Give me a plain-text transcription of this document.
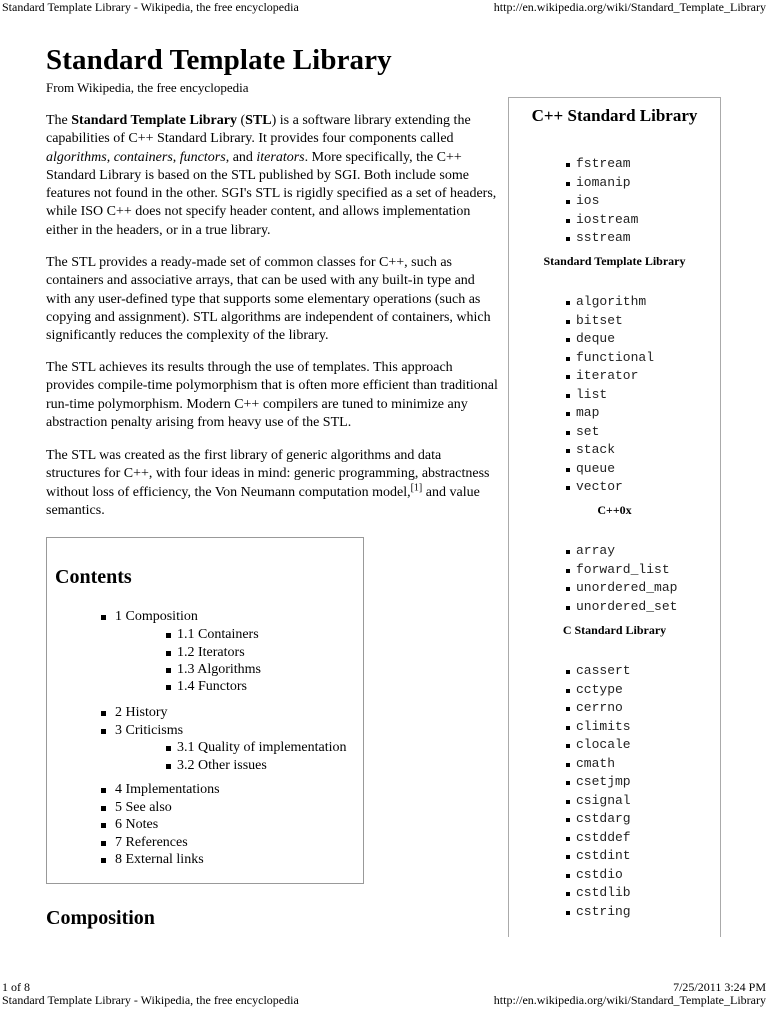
Standard Template Library - Wikipedia, the free encyclopedia	http://en.wikipedia.org/wiki/Standard_Template_Library
Standard Template Library
From Wikipedia, the free encyclopedia

The Standard Template Library (STL) is a software library extending the capabilities of C++ Standard Library. It provides four components called algorithms, containers, functors, and iterators. More specifically, the C++ Standard Library is based on the STL published by SGI. Both include some features not found in the other. SGI's STL is rigidly specified as a set of headers, while ISO C++ does not specify header content, and allows implementation either in the headers, or in a true library.

The STL provides a ready-made set of common classes for C++, such as containers and associative arrays, that can be used with any built-in type and with any user-defined type that supports some elementary operations (such as copying and assignment). STL algorithms are independent of containers, which significantly reduces the complexity of the library.

The STL achieves its results through the use of templates. This approach provides compile-time polymorphism that is often more efficient than traditional run-time polymorphism. Modern C++ compilers are tuned to minimize any abstraction penalty arising from heavy use of the STL.

The STL was created as the first library of generic algorithms and data structures for C++, with four ideas in mind: generic programming, abstractness without loss of efficiency, the Von Neumann computation model,[1] and value semantics.

Contents
1 Composition
1.1 Containers
1.2 Iterators
1.3 Algorithms
1.4 Functors
2 History
3 Criticisms
3.1 Quality of implementation
3.2 Other issues
4 Implementations
5 See also
6 Notes
7 References
8 External links
Composition
C++ Standard Library
fstream
iomanip
ios
iostream
sstream
Standard Template Library
algorithm
bitset
deque
functional
iterator
list
map
set
stack
queue
vector
C++0x
array
forward_list
unordered_map
unordered_set
C Standard Library
cassert
cctype
cerrno
climits
clocale
cmath
csetjmp
csignal
cstdarg
cstddef
cstdint
cstdio
cstdlib
cstring
1 of 8	7/25/2011 3:24 PM
Standard Template Library - Wikipedia, the free encyclopedia	http://en.wikipedia.org/wiki/Standard_Template_Library
